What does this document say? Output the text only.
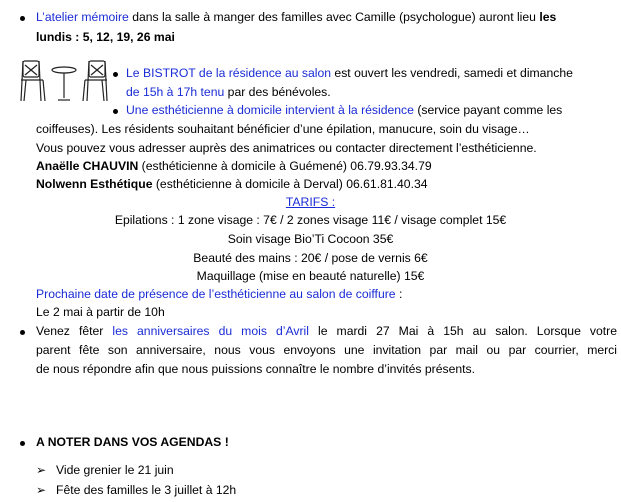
L’atelier mémoire dans la salle à manger des familles avec Camille (psychologue) auront lieu les
lundis : 5, 12, 19, 26 mai
Le BISTROT de la résidence au salon est ouvert les vendredi, samedi et dimanche
de 15h à 17h tenu par des bénévoles.
Une esthéticienne à domicile intervient à la résidence (service payant comme les
coiffeuses). Les résidents souhaitant bénéficier d’une épilation, manucure, soin du visage…
Vous pouvez vous adresser auprès des animatrices ou contacter directement l’esthéticienne.
Anaëlle CHAUVIN (esthéticienne à domicile à Guémené) 06.79.93.34.79
Nolwenn Esthétique (esthéticienne à domicile à Derval) 06.61.81.40.34
TARIFS :
Epilations : 1 zone visage : 7€ / 2 zones visage 11€ / visage complet 15€
Soin visage Bio’Ti Cocoon 35€
Beauté des mains : 20€ / pose de vernis 6€
Maquillage (mise en beauté naturelle) 15€
Prochaine date de présence de l’esthéticienne au salon de coiffure :
Le 2 mai à partir de 10h
Venez fêter les anniversaires du mois d’Avril le mardi 27 Mai à 15h au salon. Lorsque votre
parent fête son anniversaire, nous vous envoyons une invitation par mail ou par courrier, merci
de nous répondre afin que nous puissions connaître le nombre d’invités présents.
A NOTER DANS VOS AGENDAS !
➢ Vide grenier le 21 juin
➢ Fête des familles le 3 juillet à 12h
